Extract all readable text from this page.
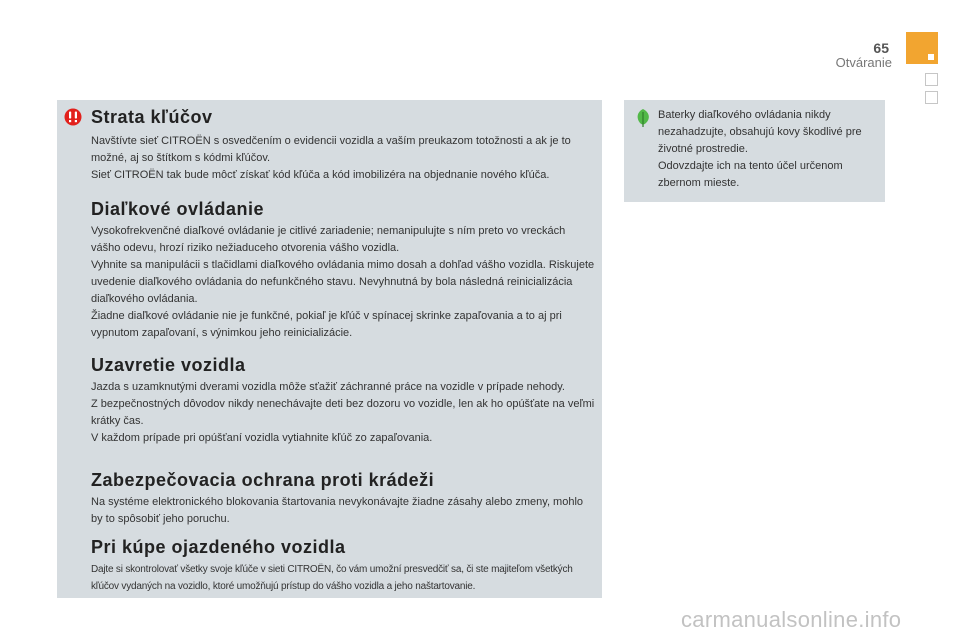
65
Otváranie
Strata kľúčov

Navštívte sieť CITROËN s osvedčením o evidencii vozidla a vaším preukazom totožnosti a ak je to možné, aj so štítkom s kódmi kľúčov.

Sieť CITROËN tak bude môcť získať kód kľúča a kód imobilizéra na objednanie nového kľúča.

Diaľkové ovládanie

Vysokofrekvenčné diaľkové ovládanie je citlivé zariadenie; nemanipulujte s ním preto vo vreckách vášho odevu, hrozí riziko nežiaduceho otvorenia vášho vozidla.

Vyhnite sa manipulácii s tlačidlami diaľkového ovládania mimo dosah a dohľad vášho vozidla. Riskujete uvedenie diaľkového ovládania do nefunkčného stavu. Nevyhnutná by bola následná reinicializácia diaľkového ovládania.

Žiadne diaľkové ovládanie nie je funkčné, pokiaľ je kľúč v spínacej skrinke zapaľovania a to aj pri vypnutom zapaľovaní, s výnimkou jeho reinicializácie.

Uzavretie vozidla

Jazda s uzamknutými dverami vozidla môže sťažiť záchranné práce na vozidle v prípade nehody.

Z bezpečnostných dôvodov nikdy nenechávajte deti bez dozoru vo vozidle, len ak ho opúšťate na veľmi krátky čas.

V každom prípade pri opúšťaní vozidla vytiahnite kľúč zo zapaľovania.

Zabezpečovacia ochrana proti krádeži

Na systéme elektronického blokovania štartovania nevykonávajte žiadne zásahy alebo zmeny, mohlo by to spôsobiť jeho poruchu.

Pri kúpe ojazdeného vozidla

Dajte si skontrolovať všetky svoje kľúče v sieti CITROËN, čo vám umožní presvedčiť sa, či ste majiteľom všetkých kľúčov vydaných na vozidlo, ktoré umožňujú prístup do vášho vozidla a jeho naštartovanie.

Baterky diaľkového ovládania nikdy nezahadzujte, obsahujú kovy škodlivé pre životné prostredie.

Odovzdajte ich na tento účel určenom zbernom mieste.

carmanualsonline.info
